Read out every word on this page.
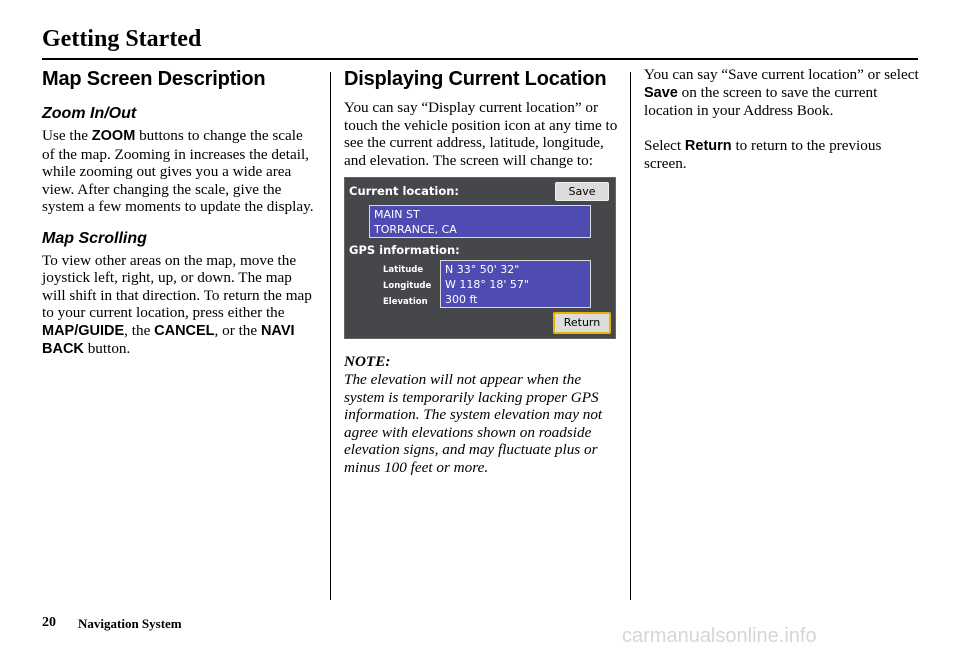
Getting Started
Map Screen Description
Zoom In/Out

Use the ZOOM buttons to change the scale of the map. Zooming in increases the detail, while zooming out gives you a wide area view. After changing the scale, give the system a few moments to update the display.

Map Scrolling

To view other areas on the map, move the joystick left, right, up, or down. The map will shift in that direction. To return the map to your current location, press either the MAP/GUIDE, the CANCEL, or the NAVI BACK button.

Displaying Current Location

You can say “Display current location” or touch the vehicle position icon at any time to see the current address, latitude, longitude, and elevation. The screen will change to:

Current location:	Save
MAIN ST
TORRANCE, CA
GPS information:
Latitude
Longitude
Elevation
N 33° 50' 32"
W 118° 18' 57"
300 ft
Return
NOTE:

The elevation will not appear when the system is temporarily lacking proper GPS information. The system elevation may not agree with elevations shown on roadside elevation signs, and may fluctuate plus or minus 100 feet or more.

You can say “Save current location” or select Save on the screen to save the current location in your Address Book.

Select Return to return to the previous screen.

20 Navigation System
carmanualsonline.info
